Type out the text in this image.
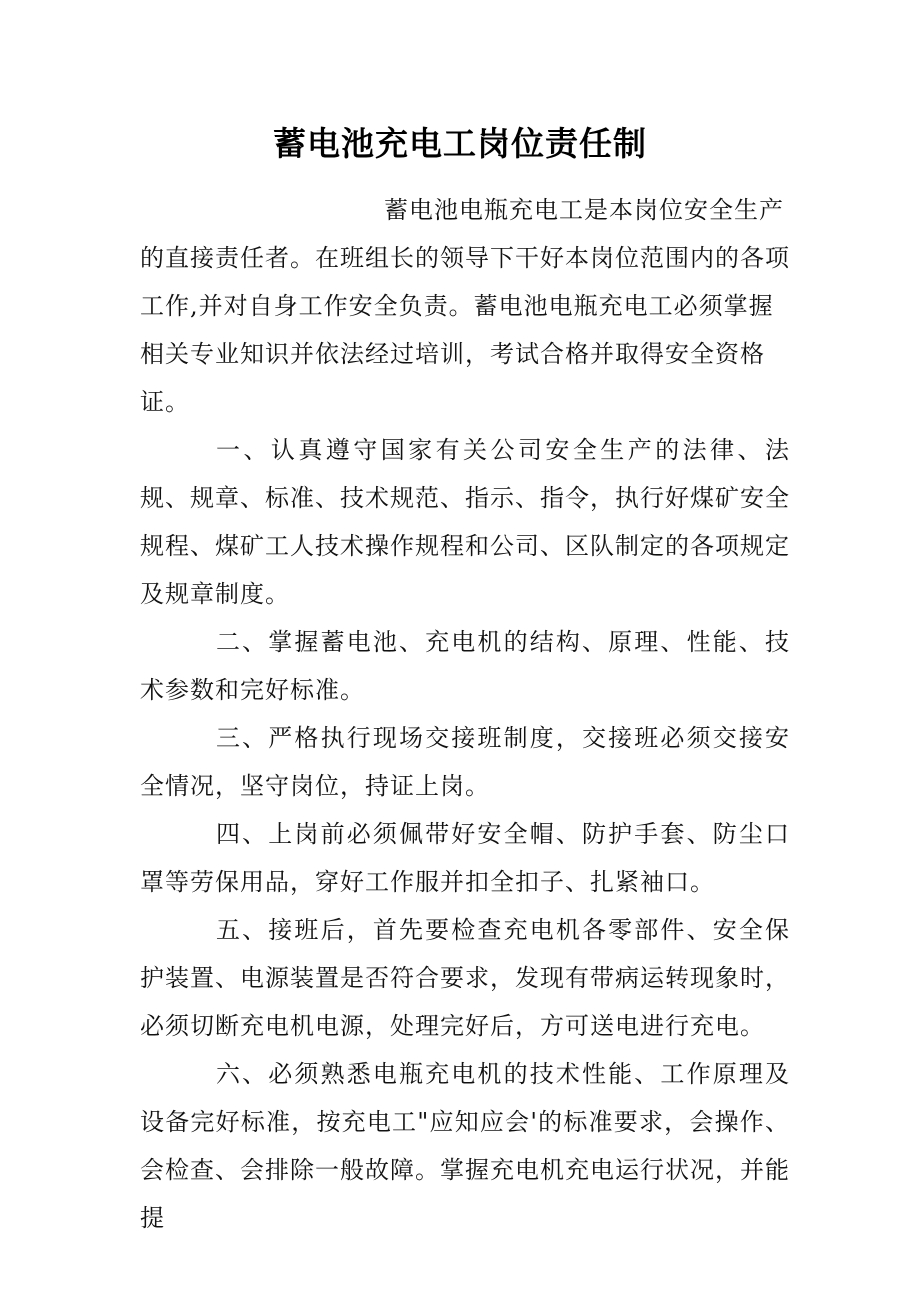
蓄电池充电工岗位责任制
蓄电池电瓶充电工是本岗位安全生产的直接责任者。在班组长的领导下干好本岗位范围内的各项工作,并对自身工作安全负责。蓄电池电瓶充电工必须掌握相关专业知识并依法经过培训，考试合格并取得安全资格证。

一、认真遵守国家有关公司安全生产的法律、法规、规章、标准、技术规范、指示、指令，执行好煤矿安全规程、煤矿工人技术操作规程和公司、区队制定的各项规定及规章制度。

二、掌握蓄电池、充电机的结构、原理、性能、技术参数和完好标准。

三、严格执行现场交接班制度，交接班必须交接安全情况，坚守岗位，持证上岗。

四、上岗前必须佩带好安全帽、防护手套、防尘口罩等劳保用品，穿好工作服并扣全扣子、扎紧袖口。

五、接班后，首先要检查充电机各零部件、安全保护装置、电源装置是否符合要求，发现有带病运转现象时，必须切断充电机电源，处理完好后，方可送电进行充电。

六、必须熟悉电瓶充电机的技术性能、工作原理及设备完好标准，按充电工"应知应会'的标准要求，会操作、会检查、会排除一般故障。掌握充电机充电运行状况，并能提
